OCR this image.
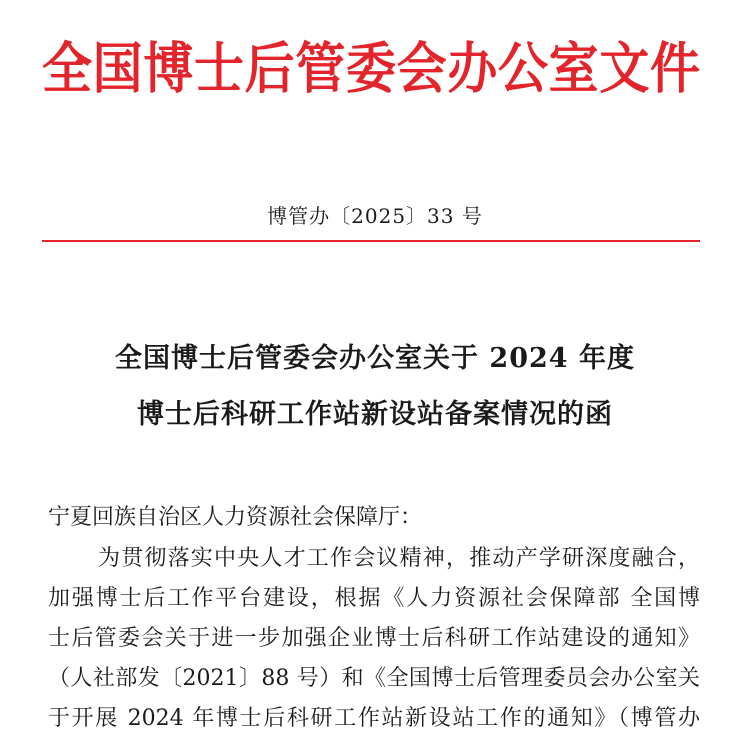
全国博士后管委会办公室文件
博管办〔2025〕33 号
全国博士后管委会办公室关于 2024 年度
博士后科研工作站新设站备案情况的函
宁夏回族自治区人力资源社会保障厅：
为贯彻落实中央人才工作会议精神，推动产学研深度融合，
加强博士后工作平台建设，根据《人力资源社会保障部 全国博
士后管委会关于进一步加强企业博士后科研工作站建设的通知》
（人社部发〔2021〕88 号）和《全国博士后管理委员会办公室关
于开展 2024 年博士后科研工作站新设站工作的通知》（博管办
